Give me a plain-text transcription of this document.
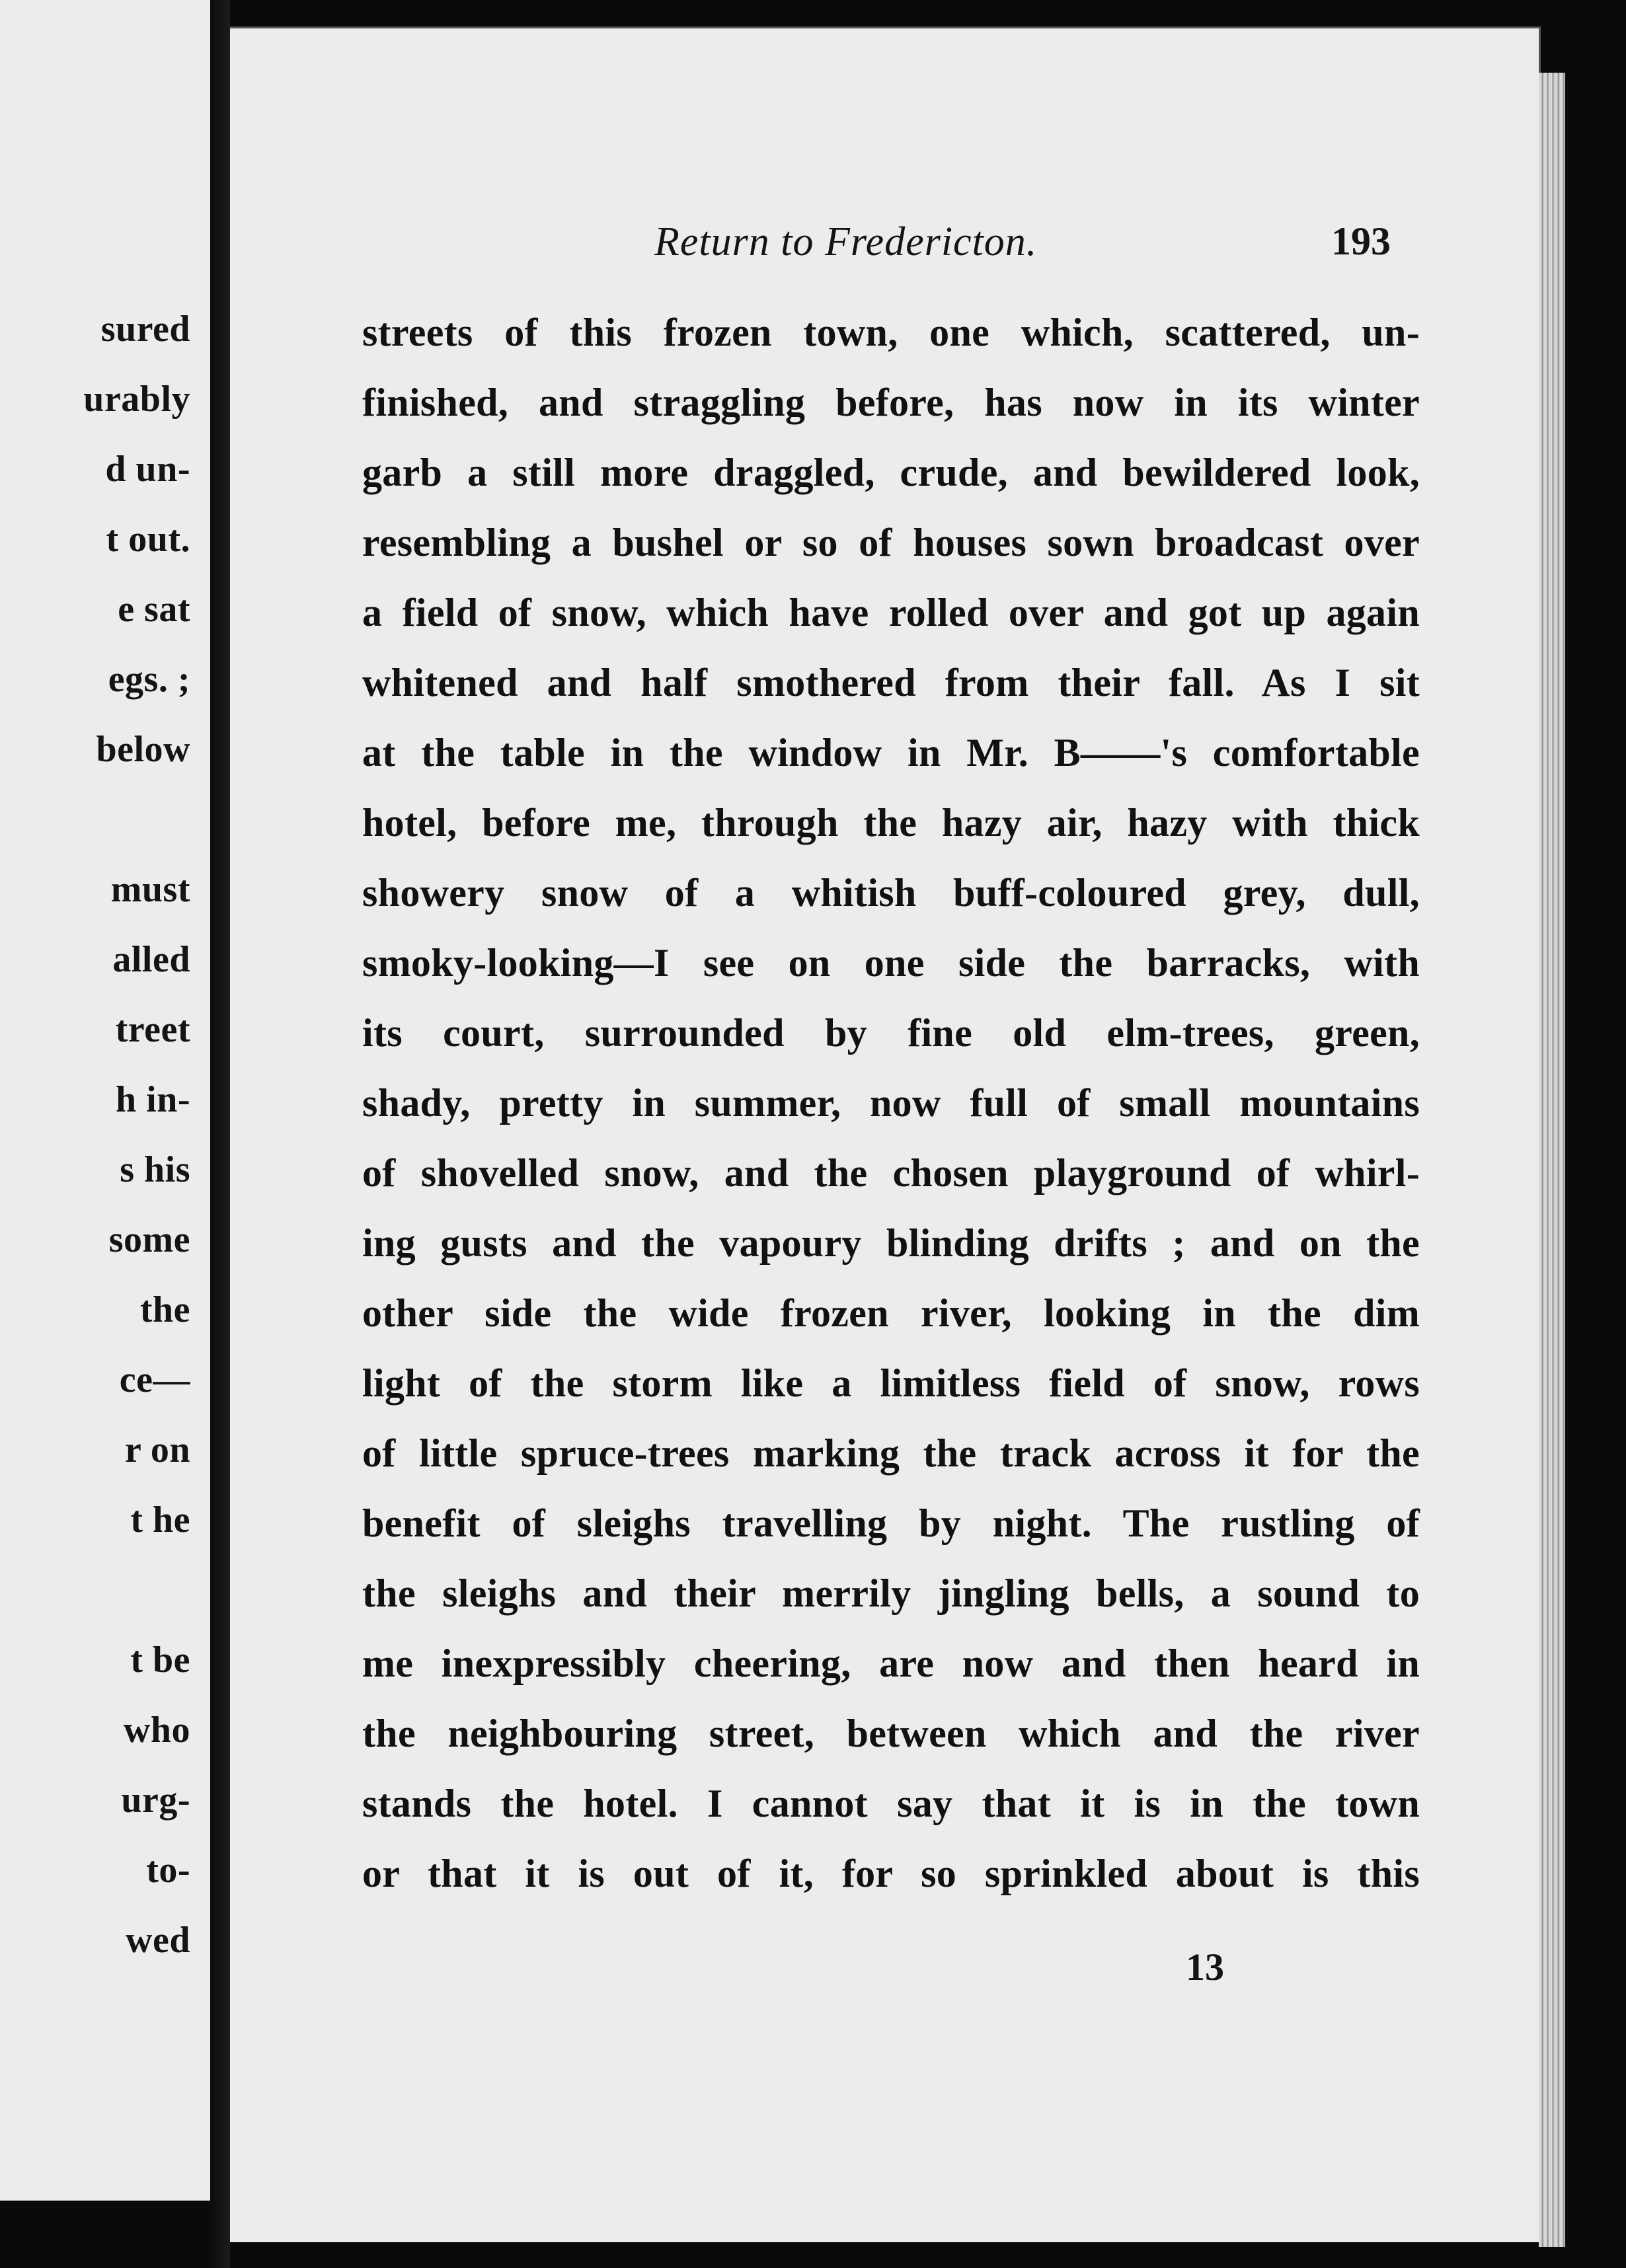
sured
urably
d un-
t out.
e sat
egs. ;
below
must
alled
treet
h in-
s his
some
the
ce—
r on
t he
t be
who
urg-
to-
wed
Return to Fredericton.	193
streets of this frozen town, one which, scattered, un-
finished, and straggling before, has now in its winter
garb a still more draggled, crude, and bewildered look,
resembling a bushel or so of houses sown broadcast over
a field of snow, which have rolled over and got up again
whitened and half smothered from their fall. As I sit
at the table in the window in Mr. B——'s comfortable
hotel, before me, through the hazy air, hazy with thick
showery snow of a whitish buff-coloured grey, dull,
smoky-looking—I see on one side the barracks, with
its court, surrounded by fine old elm-trees, green,
shady, pretty in summer, now full of small mountains
of shovelled snow, and the chosen playground of whirl-
ing gusts and the vapoury blinding drifts ; and on the
other side the wide frozen river, looking in the dim
light of the storm like a limitless field of snow, rows
of little spruce-trees marking the track across it for the
benefit of sleighs travelling by night. The rustling of
the sleighs and their merrily jingling bells, a sound to
me inexpressibly cheering, are now and then heard in
the neighbouring street, between which and the river
stands the hotel. I cannot say that it is in the town
or that it is out of it, for so sprinkled about is this
13
